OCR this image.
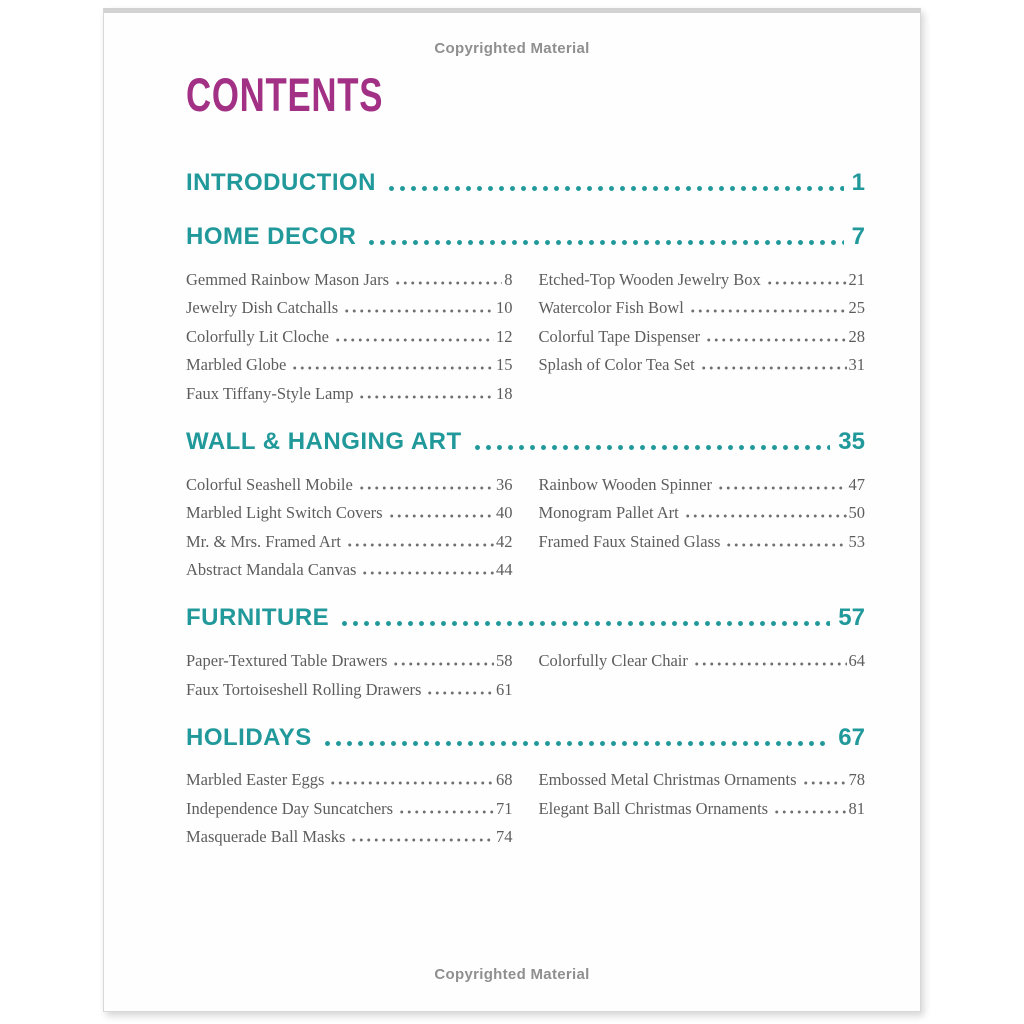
Copyrighted Material
CONTENTS
INTRODUCTION	1
HOME DECOR	7
Gemmed Rainbow Mason Jars	8
Jewelry Dish Catchalls	10
Colorfully Lit Cloche	12
Marbled Globe	15
Faux Tiffany-Style Lamp	18
Etched-Top Wooden Jewelry Box	21
Watercolor Fish Bowl	25
Colorful Tape Dispenser	28
Splash of Color Tea Set	31
WALL & HANGING ART	35
Colorful Seashell Mobile	36
Marbled Light Switch Covers	40
Mr. & Mrs. Framed Art	42
Abstract Mandala Canvas	44
Rainbow Wooden Spinner	47
Monogram Pallet Art	50
Framed Faux Stained Glass	53
FURNITURE	57
Paper-Textured Table Drawers	58
Faux Tortoiseshell Rolling Drawers	61
Colorfully Clear Chair	64
HOLIDAYS	67
Marbled Easter Eggs	68
Independence Day Suncatchers	71
Masquerade Ball Masks	74
Embossed Metal Christmas Ornaments	78
Elegant Ball Christmas Ornaments	81
Copyrighted Material
